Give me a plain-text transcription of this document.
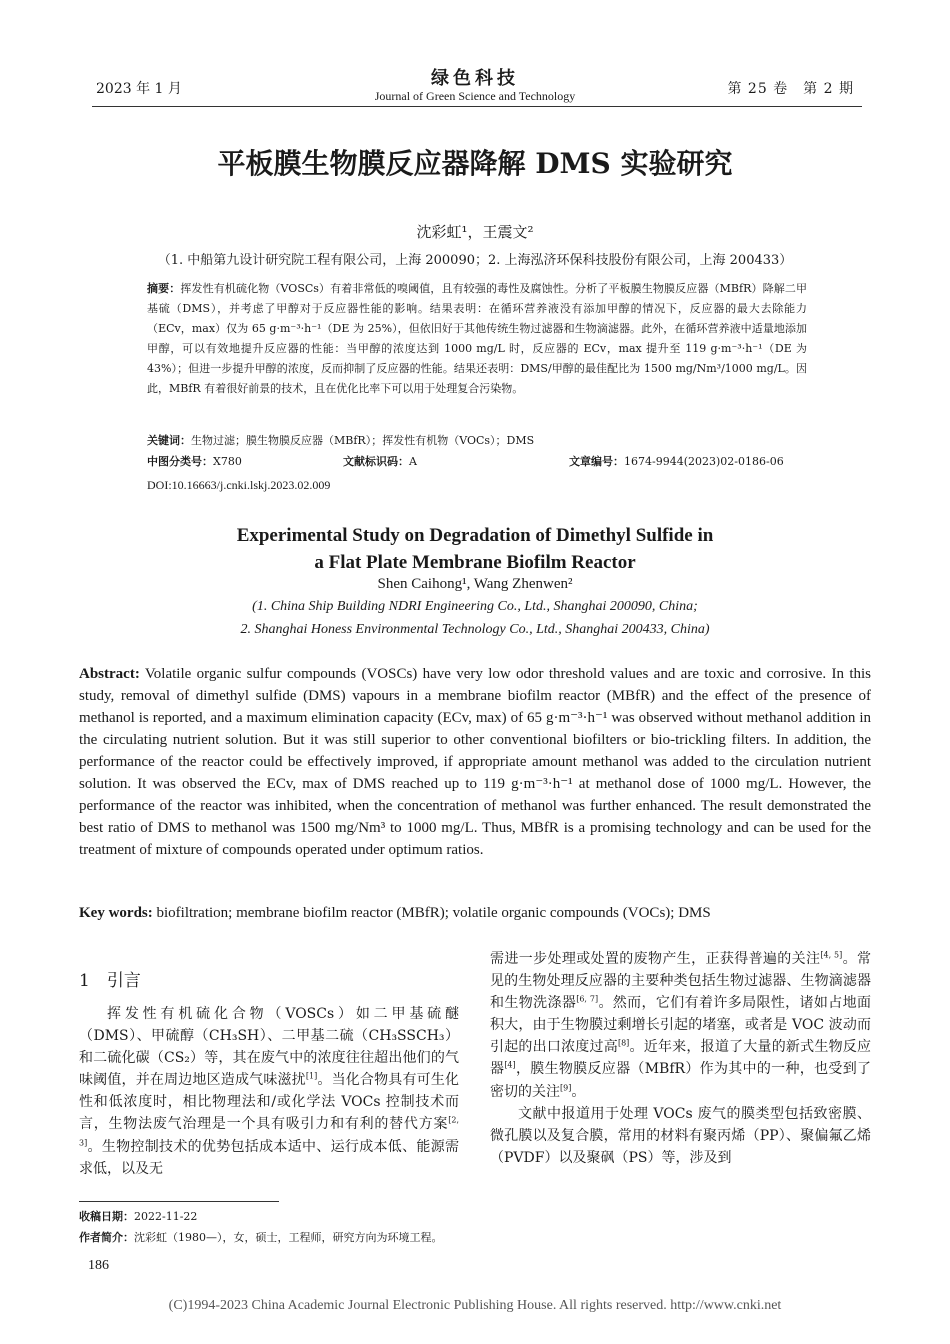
2023 年 1 月	绿色科技
Journal of Green Science and Technology	第 25 卷　第 2 期
平板膜生物膜反应器降解 DMS 实验研究
沈彩虹¹，王震文²
（1. 中船第九设计研究院工程有限公司，上海 200090；2. 上海泓济环保科技股份有限公司，上海 200433）
摘要：挥发性有机硫化物（VOSCs）有着非常低的嗅阈值，且有较强的毒性及腐蚀性。分析了平板膜生物膜反应器（MBfR）降解二甲基硫（DMS），并考虑了甲醇对于反应器性能的影响。结果表明：在循环营养液没有添加甲醇的情况下，反应器的最大去除能力（ECv，max）仅为 65 g·m⁻³·h⁻¹（DE 为 25%），但依旧好于其他传统生物过滤器和生物滴滤器。此外，在循环营养液中适量地添加甲醇，可以有效地提升反应器的性能：当甲醇的浓度达到 1000 mg/L 时，反应器的 ECv，max 提升至 119 g·m⁻³·h⁻¹（DE 为 43%）；但进一步提升甲醇的浓度，反而抑制了反应器的性能。结果还表明：DMS/甲醇的最佳配比为 1500 mg/Nm³/1000 mg/L。因此，MBfR 有着很好前景的技术，且在优化比率下可以用于处理复合污染物。
关键词：生物过滤；膜生物膜反应器（MBfR）；挥发性有机物（VOCs）；DMS
中图分类号：X780	文献标识码：A	文章编号：1674-9944(2023)02-0186-06
DOI:10.16663/j.cnki.lskj.2023.02.009
Experimental Study on Degradation of Dimethyl Sulfide in
a Flat Plate Membrane Biofilm Reactor
Shen Caihong¹, Wang Zhenwen²
(1. China Ship Building NDRI Engineering Co., Ltd., Shanghai 200090, China;
2. Shanghai Honess Environmental Technology Co., Ltd., Shanghai 200433, China)
Abstract: Volatile organic sulfur compounds (VOSCs) have very low odor threshold values and are toxic and corrosive. In this study, removal of dimethyl sulfide (DMS) vapours in a membrane biofilm reactor (MBfR) and the effect of the presence of methanol is reported, and a maximum elimination capacity (ECv, max) of 65 g·m⁻³·h⁻¹ was observed without methanol addition in the circulating nutrient solution. But it was still superior to other conventional biofilters or bio-trickling filters. In addition, the performance of the reactor could be effectively improved, if appropriate amount methanol was added to the circulation nutrient solution. It was observed the ECv, max of DMS reached up to 119 g·m⁻³·h⁻¹ at methanol dose of 1000 mg/L. However, the performance of the reactor was inhibited, when the concentration of methanol was further enhanced. The result demonstrated the best ratio of DMS to methanol was 1500 mg/Nm³ to 1000 mg/L. Thus, MBfR is a promising technology and can be used for the treatment of mixture of compounds operated under optimum ratios.
Key words: biofiltration; membrane biofilm reactor (MBfR); volatile organic compounds (VOCs); DMS
1　引言

挥发性有机硫化合物（VOSCs）如二甲基硫醚（DMS）、甲硫醇（CH₃SH）、二甲基二硫（CH₃SSCH₃）和二硫化碳（CS₂）等，其在废气中的浓度往往超出他们的气味阈值，并在周边地区造成气味滋扰[1]。当化合物具有可生化性和低浓度时，相比物理法和/或化学法 VOCs 控制技术而言，生物法废气治理是一个具有吸引力和有利的替代方案[2, 3]。生物控制技术的优势包括成本适中、运行成本低、能源需求低，以及无

需进一步处理或处置的废物产生，正获得普遍的关注[4, 5]。常见的生物处理反应器的主要种类包括生物过滤器、生物滴滤器和生物洗涤器[6, 7]。然而，它们有着许多局限性，诸如占地面积大，由于生物膜过剩增长引起的堵塞，或者是 VOC 波动而引起的出口浓度过高[8]。近年来，报道了大量的新式生物反应器[4]，膜生物膜反应器（MBfR）作为其中的一种，也受到了密切的关注[9]。

文献中报道用于处理 VOCs 废气的膜类型包括致密膜、微孔膜以及复合膜，常用的材料有聚丙烯（PP）、聚偏氟乙烯（PVDF）以及聚砜（PS）等，涉及到

收稿日期：2022-11-22
作者简介：沈彩虹（1980—），女，硕士，工程师，研究方向为环境工程。
186
(C)1994-2023 China Academic Journal Electronic Publishing House. All rights reserved. http://www.cnki.net
